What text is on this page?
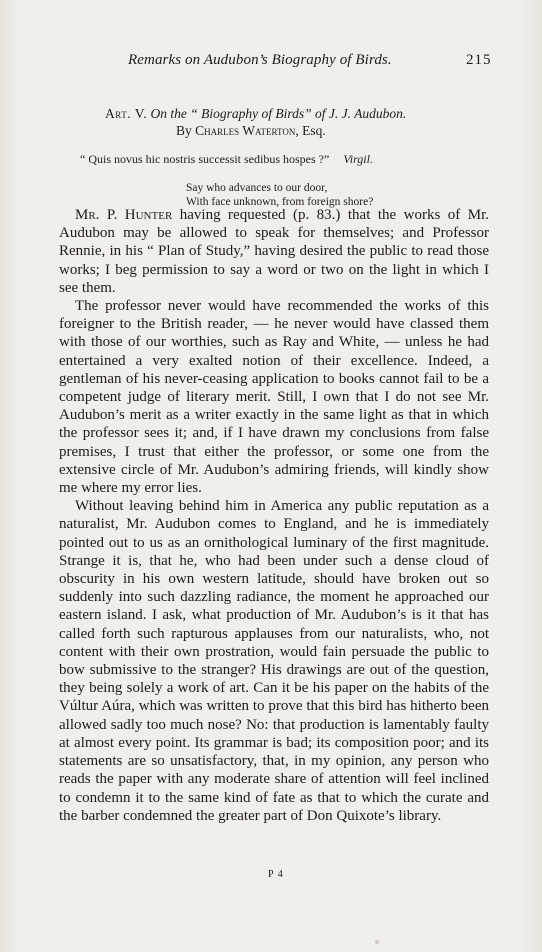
Remarks on Audubon’s Biography of Birds.	215
Art. V. On the “ Biography of Birds” of J. J. Audubon.
By Charles Waterton, Esq.
“ Quis novus hic nostris successit sedibus hospes ?” Virgil.
Say who advances to our door,
With face unknown, from foreign shore?

Mr. P. Hunter having requested (p. 83.) that the works of Mr. Audubon may be allowed to speak for themselves; and Professor Rennie, in his “ Plan of Study,” having desired the public to read those works; I beg permission to say a word or two on the light in which I see them.

The professor never would have recommended the works of this foreigner to the British reader, — he never would have classed them with those of our worthies, such as Ray and White, — unless he had entertained a very exalted notion of their excellence. Indeed, a gentleman of his never-ceasing application to books cannot fail to be a competent judge of literary merit. Still, I own that I do not see Mr. Audubon’s merit as a writer exactly in the same light as that in which the professor sees it; and, if I have drawn my conclusions from false premises, I trust that either the professor, or some one from the extensive circle of Mr. Audubon’s admiring friends, will kindly show me where my error lies.

Without leaving behind him in America any public reputation as a naturalist, Mr. Audubon comes to England, and he is immediately pointed out to us as an ornithological luminary of the first magnitude. Strange it is, that he, who had been under such a dense cloud of obscurity in his own western latitude, should have broken out so suddenly into such dazzling radiance, the moment he approached our eastern island. I ask, what production of Mr. Audubon’s is it that has called forth such rapturous applauses from our naturalists, who, not content with their own prostration, would fain persuade the public to bow submissive to the stranger? His drawings are out of the question, they being solely a work of art. Can it be his paper on the habits of the Vúltur Aúra, which was written to prove that this bird has hitherto been allowed sadly too much nose? No: that production is lamentably faulty at almost every point. Its grammar is bad; its composition poor; and its statements are so unsatisfactory, that, in my opinion, any person who reads the paper with any moderate share of attention will feel inclined to condemn it to the same kind of fate as that to which the curate and the barber condemned the greater part of Don Quixote’s library.

P 4
